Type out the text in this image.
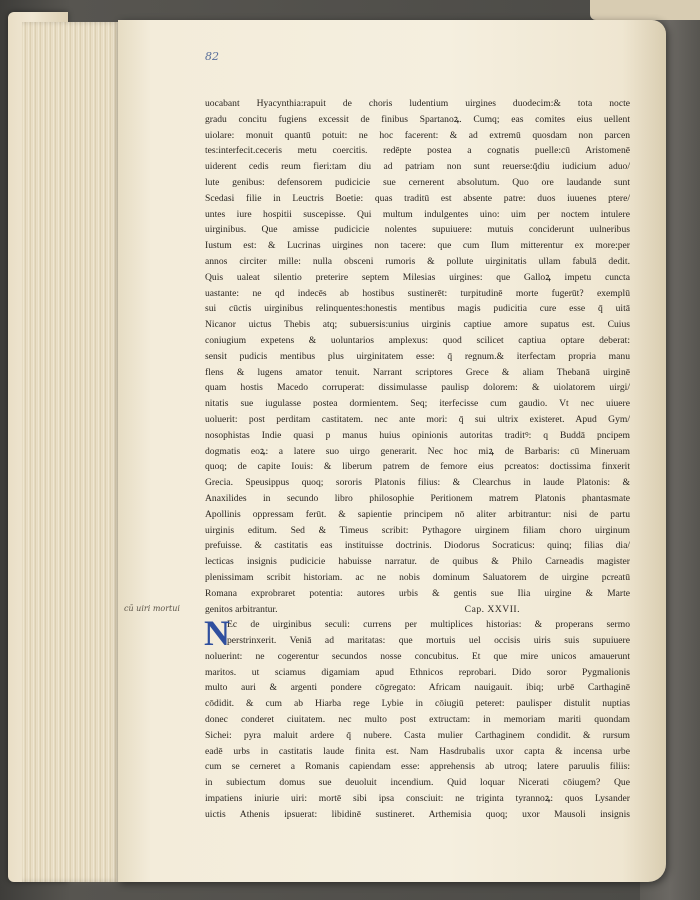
82
cū uiri mortui
uocabant Hyacynthia:rapuit de choris ludentium uirgines duodecim:& tota nocte
gradu concitu fugiens excessit de finibus Spartanoꝝ. Cumq; eas comites eius uellent
uiolare: monuit quantū potuit: ne hoc facerent: & ad extremū quosdam non parcen
tes:interfecit.ceceris metu coercitis. redēpte postea a cognatis puelle:cū Aristomenē
uiderent cedis reum fieri:tam diu ad patriam non sunt reuerse:q̄diu iudicium aduo/
lute genibus: defensorem pudicicie sue cernerent absolutum. Quo ore laudande sunt
Scedasi filie in Leuctris Boetie: quas traditū est absente patre: duos iuuenes ptere/
untes iure hospitii suscepisse. Qui multum indulgentes uino: uim per noctem intulere
uirginibus. Que amisse pudicicie nolentes supuiuere: mutuis conciderunt uulneribus
Iustum est: & Lucrinas uirgines non tacere: que cum Ilum mitterentur ex more:per
annos circiter mille: nulla obsceni rumoris & pollute uirginitatis ullam fabulā dedit.
Quis ualeat silentio preterire septem Milesias uirgines: que Galloꝝ impetu cuncta
uastante: ne qd indecēs ab hostibus sustinerēt: turpitudinē morte fugerūt? exemplū
sui cūctis uirginibus relinquentes:honestis mentibus magis pudicitia cure esse q̄ uitā
Nicanor uictus Thebis atq; subuersis:unius uirginis captiue amore supatus est. Cuius
coniugium expetens & uoluntarios amplexus: quod scilicet captiua optare deberat:
sensit pudicis mentibus plus uirginitatem esse: q̄ regnum.& iterfectam propria manu
flens & lugens amator tenuit. Narrant scriptores Grece & aliam Thebanā uirginē
quam hostis Macedo corruperat: dissimulasse paulisp dolorem: & uiolatorem uirgi/
nitatis sue iugulasse postea dormientem. Seq; iterfecisse cum gaudio. Vt nec uiuere
uoluerit: post perditam castitatem. nec ante mori: q̄ sui ultrix existeret. Apud Gym/
nosophistas Indie quasi p manus huius opinionis autoritas traditꝰ: q Buddā pncipem
dogmatis eoꝝ: a latere suo uirgo generarit. Nec hoc miꝝ de Barbaris: cū Mineruam
quoq; de capite Iouis: & liberum patrem de femore eius pcreatos: doctissima finxerit
Grecia. Speusippus quoq; sororis Platonis filius: & Clearchus in laude Platonis: &
Anaxilides in secundo libro philosophie Peritionem matrem Platonis phantasmate
Apollinis oppressam ferūt. & sapientie principem nō aliter arbitrantur: nisi de partu
uirginis editum. Sed & Timeus scribit: Pythagore uirginem filiam choro uirginum
prefuisse. & castitatis eas instituisse doctrinis. Diodorus Socraticus: quinq; filias dia/
lecticas insignis pudicicie habuisse narratur. de quibus & Philo Carneadis magister
plenissimam scribit historiam. ac ne nobis dominum Saluatorem de uirgine pcreatū
Romana exprobraret potentia: autores urbis & gentis sue Ilia uirgine & Marte
genitos arbitrantur.	Cap. XXVII.
N
Ec de uirginibus seculi: currens per multiplices historias: & properans sermo
perstrinxerit. Veniā ad maritatas: que mortuis uel occisis uiris suis supuiuere
noluerint: ne cogerentur secundos nosse concubitus. Et que mire unicos amauerunt
maritos. ut sciamus digamiam apud Ethnicos reprobari. Dido soror Pygmalionis
multo auri & argenti pondere cōgregato: Africam nauigauit. ibiq; urbē Carthaginē
cōdidit. & cum ab Hiarba rege Lybie in cōiugiū peteret: paulisper distulit nuptias
donec conderet ciuitatem. nec multo post extructam: in memoriam mariti quondam
Sichei: pyra maluit ardere q̄ nubere. Casta mulier Carthaginem condidit. & rursum
eadē urbs in castitatis laude finita est. Nam Hasdrubalis uxor capta & incensa urbe
cum se cerneret a Romanis capiendam esse: apprehensis ab utroq; latere paruulis filiis:
in subiectum domus sue deuoluit incendium. Quid loquar Nicerati cōiugem? Que
impatiens iniurie uiri: mortē sibi ipsa consciuit: ne triginta tyrannoꝝ: quos Lysander
uictis Athenis ipsuerat: libidinē sustineret. Arthemisia quoq; uxor Mausoli insignis
